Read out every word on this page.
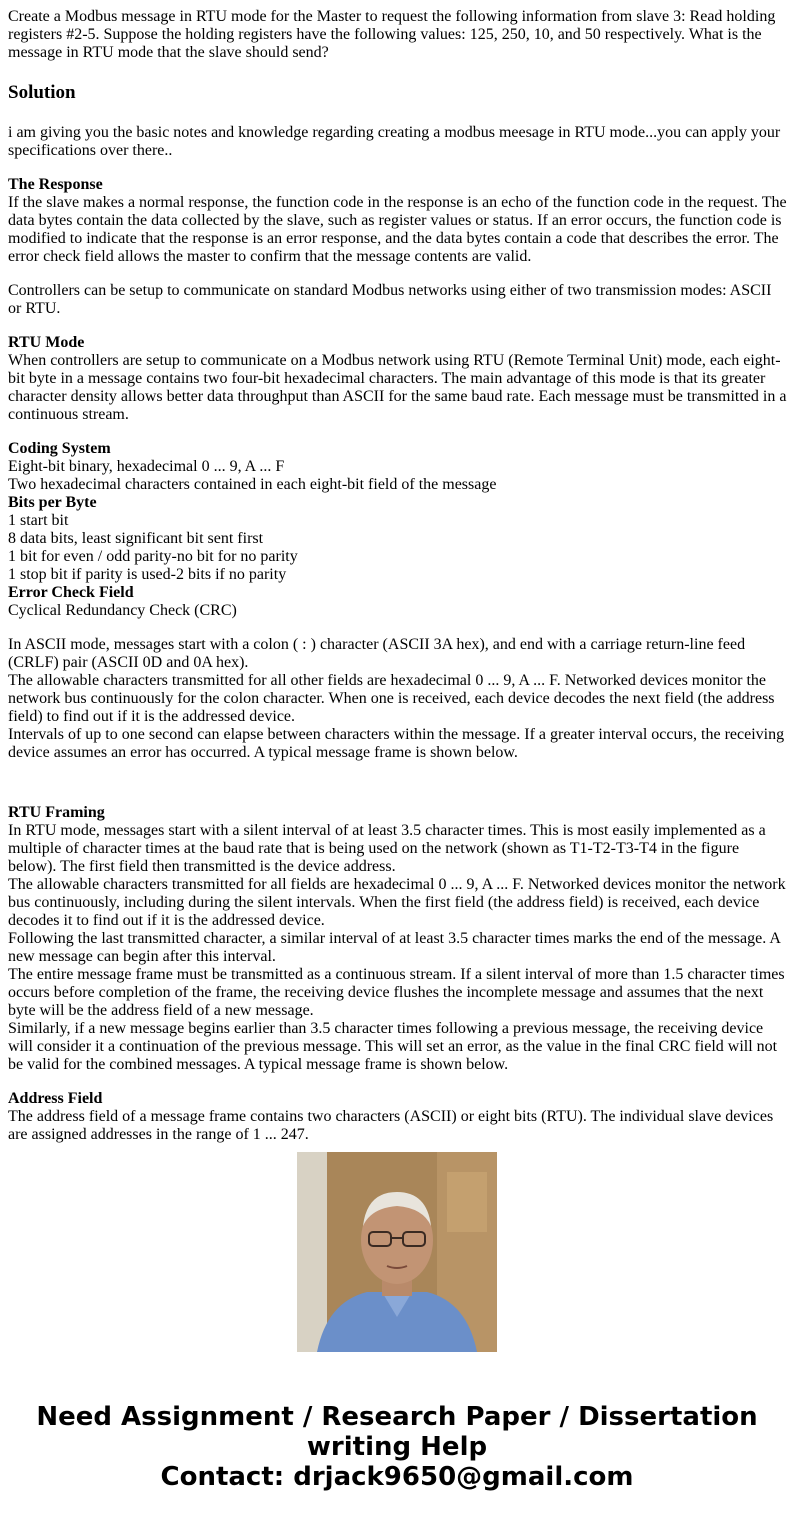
Create a Modbus message in RTU mode for the Master to request the following information from slave 3: Read holding registers #2-5. Suppose the holding registers have the following values: 125, 250, 10, and 50 respectively. What is the message in RTU mode that the slave should send?

Solution

i am giving you the basic notes and knowledge regarding creating a modbus meesage in RTU mode...you can apply your specifications over there..

The Response
If the slave makes a normal response, the function code in the response is an echo of the function code in the request. The data bytes contain the data collected by the slave, such as register values or status. If an error occurs, the function code is modified to indicate that the response is an error response, and the data bytes contain a code that describes the error. The error check field allows the master to confirm that the message contents are valid.

Controllers can be setup to communicate on standard Modbus networks using either of two transmission modes: ASCII or RTU.

RTU Mode
When controllers are setup to communicate on a Modbus network using RTU (Remote Terminal Unit) mode, each eight-bit byte in a message contains two four-bit hexadecimal characters. The main advantage of this mode is that its greater character density allows better data throughput than ASCII for the same baud rate. Each message must be transmitted in a continuous stream.

Coding System
Eight-bit binary, hexadecimal 0 ... 9, A ... F
Two hexadecimal characters contained in each eight-bit field of the message
Bits per Byte
1 start bit
8 data bits, least significant bit sent first
1 bit for even / odd parity-no bit for no parity
1 stop bit if parity is used-2 bits if no parity
Error Check Field
Cyclical Redundancy Check (CRC)

In ASCII mode, messages start with a colon ( : ) character (ASCII 3A hex), and end with a carriage return-line feed (CRLF) pair (ASCII 0D and 0A hex).
The allowable characters transmitted for all other fields are hexadecimal 0 ... 9, A ... F. Networked devices monitor the network bus continuously for the colon character. When one is received, each device decodes the next field (the address field) to find out if it is the addressed device.
Intervals of up to one second can elapse between characters within the message. If a greater interval occurs, the receiving device assumes an error has occurred. A typical message frame is shown below.

RTU Framing
In RTU mode, messages start with a silent interval of at least 3.5 character times. This is most easily implemented as a multiple of character times at the baud rate that is being used on the network (shown as T1-T2-T3-T4 in the figure below). The first field then transmitted is the device address.
The allowable characters transmitted for all fields are hexadecimal 0 ... 9, A ... F. Networked devices monitor the network bus continuously, including during the silent intervals. When the first field (the address field) is received, each device decodes it to find out if it is the addressed device.
Following the last transmitted character, a similar interval of at least 3.5 character times marks the end of the message. A new message can begin after this interval.
The entire message frame must be transmitted as a continuous stream. If a silent interval of more than 1.5 character times occurs before completion of the frame, the receiving device flushes the incomplete message and assumes that the next byte will be the address field of a new message.
Similarly, if a new message begins earlier than 3.5 character times following a previous message, the receiving device will consider it a continuation of the previous message. This will set an error, as the value in the final CRC field will not be valid for the combined messages. A typical message frame is shown below.

Address Field
The address field of a message frame contains two characters (ASCII) or eight bits (RTU). The individual slave devices are assigned addresses in the range of 1 ... 247.

Need Assignment / Research Paper / Dissertation writing Help
Contact: drjack9650@gmail.com
